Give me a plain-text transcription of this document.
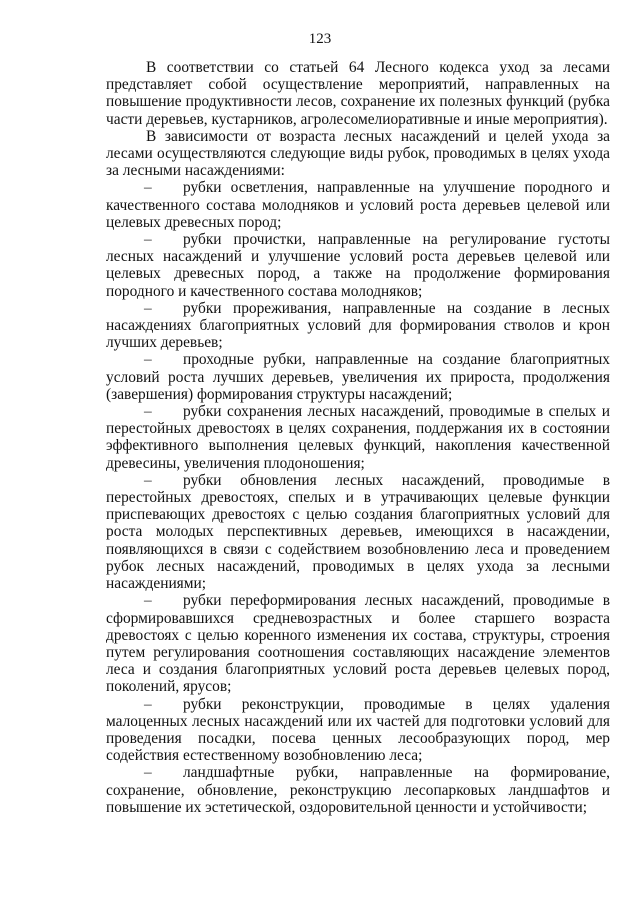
123

В соответствии со статьей 64 Лесного кодекса уход за лесами представляет собой осуществление мероприятий, направленных на повышение продуктивности лесов, сохранение их полезных функций (рубка части деревьев, кустарников, агролесомелиоративные и иные мероприятия).

В зависимости от возраста лесных насаждений и целей ухода за лесами осуществляются следующие виды рубок, проводимых в целях ухода за лесными насаждениями:

– рубки осветления, направленные на улучшение породного и качественного состава молодняков и условий роста деревьев целевой или целевых древесных пород;

– рубки прочистки, направленные на регулирование густоты лесных насаждений и улучшение условий роста деревьев целевой или целевых древесных пород, а также на продолжение формирования породного и качественного состава молодняков;

– рубки прореживания, направленные на создание в лесных насаждениях благоприятных условий для формирования стволов и крон лучших деревьев;

– проходные рубки, направленные на создание благоприятных условий роста лучших деревьев, увеличения их прироста, продолжения (завершения) формирования структуры насаждений;

– рубки сохранения лесных насаждений, проводимые в спелых и перестойных древостоях в целях сохранения, поддержания их в состоянии эффективного выполнения целевых функций, накопления качественной древесины, увеличения плодоношения;

– рубки обновления лесных насаждений, проводимые в перестойных древостоях, спелых и в утрачивающих целевые функции приспевающих древостоях с целью создания благоприятных условий для роста молодых перспективных деревьев, имеющихся в насаждении, появляющихся в связи с содействием возобновлению леса и проведением рубок лесных насаждений, проводимых в целях ухода за лесными насаждениями;

– рубки переформирования лесных насаждений, проводимые в сформировавшихся средневозрастных и более старшего возраста древостоях с целью коренного изменения их состава, структуры, строения путем регулирования соотношения составляющих насаждение элементов леса и создания благоприятных условий роста деревьев целевых пород, поколений, ярусов;

– рубки реконструкции, проводимые в целях удаления малоценных лесных насаждений или их частей для подготовки условий для проведения посадки, посева ценных лесообразующих пород, мер содействия естественному возобновлению леса;

– ландшафтные рубки, направленные на формирование, сохранение, обновление, реконструкцию лесопарковых ландшафтов и повышение их эстетической, оздоровительной ценности и устойчивости;
